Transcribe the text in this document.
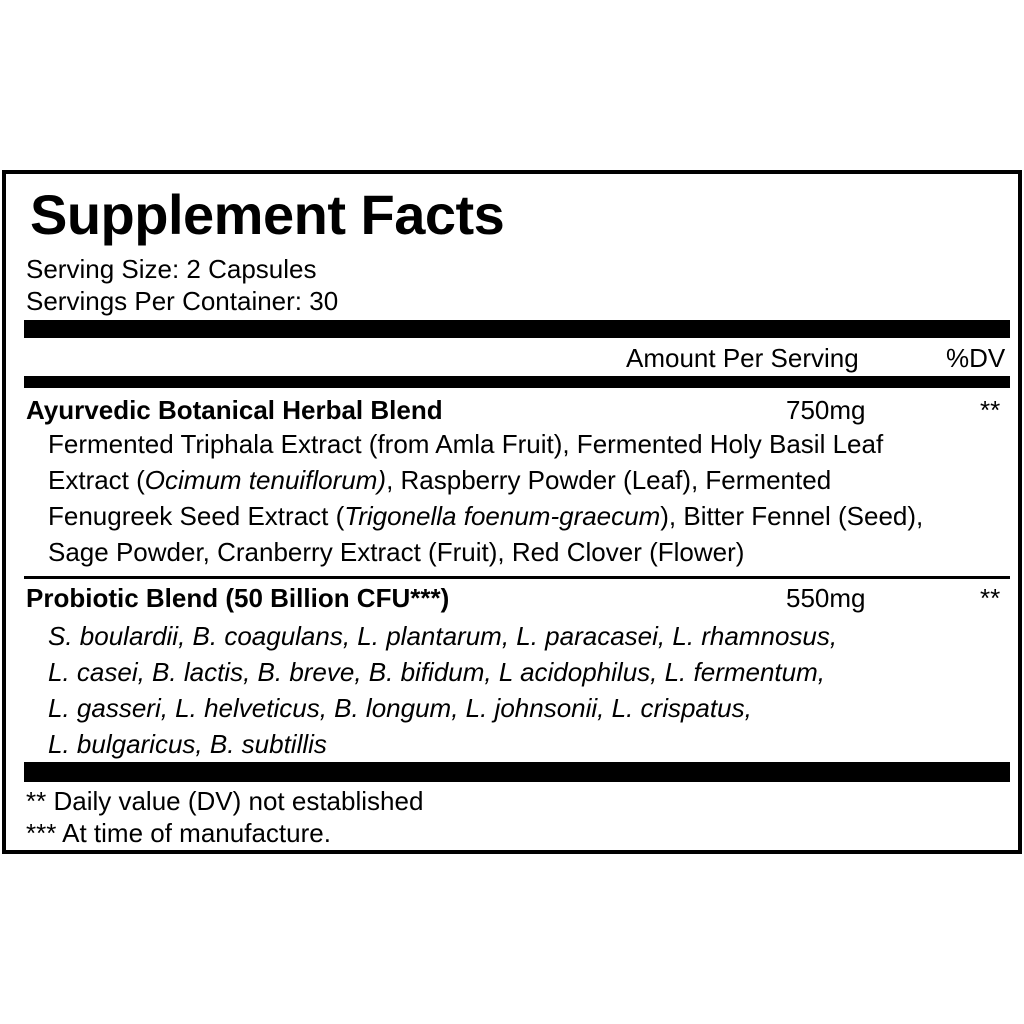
Supplement Facts
Serving Size: 2 Capsules
Servings Per Container: 30
Amount Per Serving	%DV
Ayurvedic Botanical Herbal Blend	750mg	**
Fermented Triphala Extract (from Amla Fruit), Fermented Holy Basil Leaf
Extract (Ocimum tenuiflorum), Raspberry Powder (Leaf), Fermented
Fenugreek Seed Extract (Trigonella foenum-graecum), Bitter Fennel (Seed),
Sage Powder, Cranberry Extract (Fruit), Red Clover (Flower)
Probiotic Blend (50 Billion CFU***)	550mg	**
S. boulardii, B. coagulans, L. plantarum, L. paracasei, L. rhamnosus,
L. casei, B. lactis, B. breve, B. bifidum, L acidophilus, L. fermentum,
L. gasseri, L. helveticus, B. longum, L. johnsonii, L. crispatus,
L. bulgaricus, B. subtillis
** Daily value (DV) not established
*** At time of manufacture.
